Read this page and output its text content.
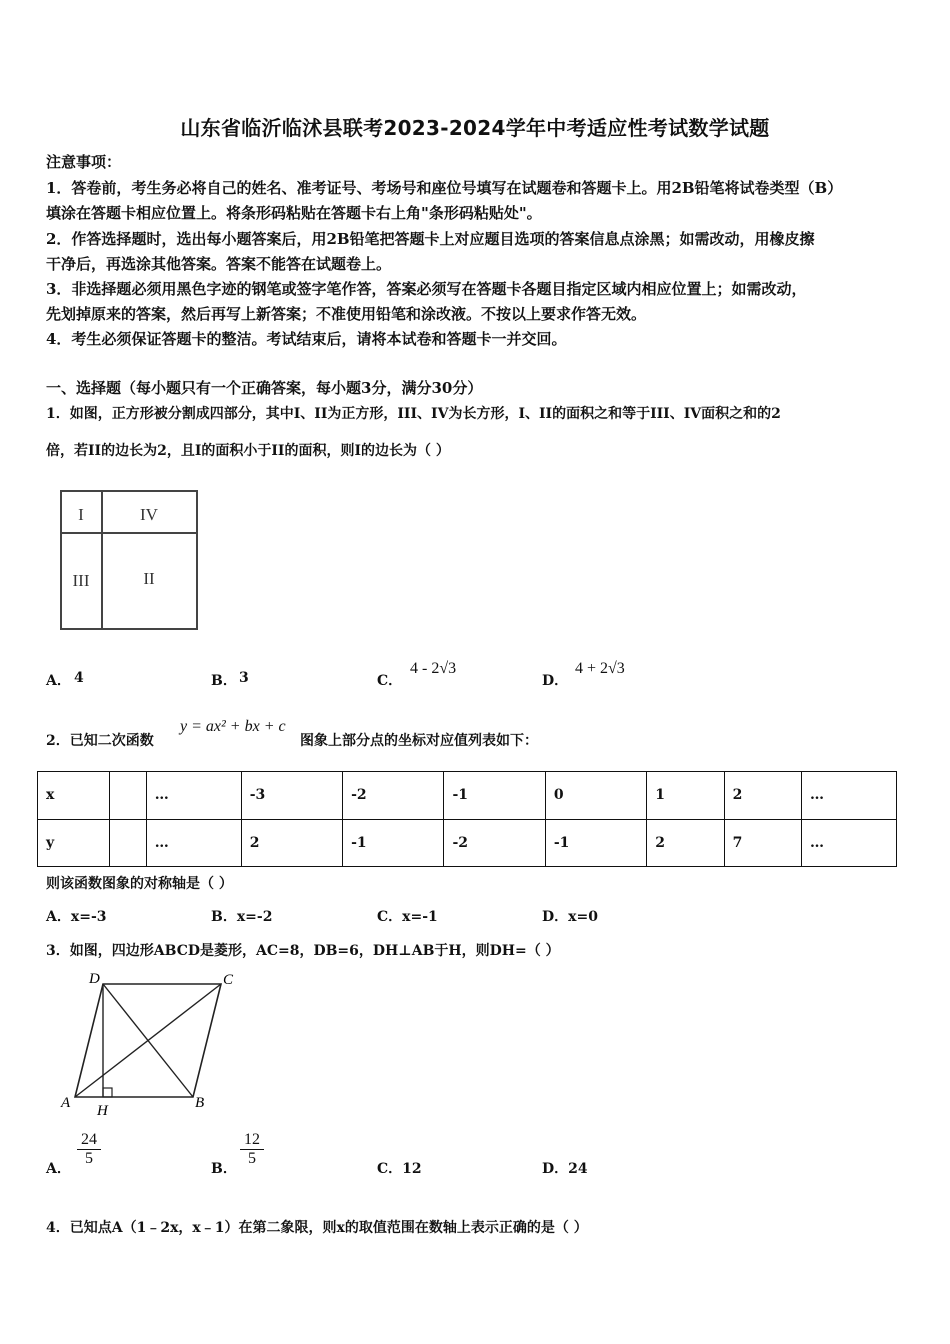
山东省临沂临沭县联考2023-2024学年中考适应性考试数学试题
注意事项：
1．答卷前，考生务必将自己的姓名、准考证号、考场号和座位号填写在试题卷和答题卡上。用2B铅笔将试卷类型（B）
填涂在答题卡相应位置上。将条形码粘贴在答题卡右上角"条形码粘贴处"。
2．作答选择题时，选出每小题答案后，用2B铅笔把答题卡上对应题目选项的答案信息点涂黑；如需改动，用橡皮擦
干净后，再选涂其他答案。答案不能答在试题卷上。
3．非选择题必须用黑色字迹的钢笔或签字笔作答，答案必须写在答题卡各题目指定区域内相应位置上；如需改动，
先划掉原来的答案，然后再写上新答案；不准使用铅笔和涂改液。不按以上要求作答无效。
4．考生必须保证答题卡的整洁。考试结束后，请将本试卷和答题卡一并交回。
一、选择题（每小题只有一个正确答案，每小题3分，满分30分）
1．如图，正方形被分割成四部分，其中I、II为正方形，III、IV为长方形，I、II的面积之和等于III、IV面积之和的2
倍，若II的边长为2，且I的面积小于II的面积，则I的边长为（ ）
I	IV
III	II
A． 4	B． 3	C．
4 - 2√3
D．
4 + 2√3
2．已知二次函数
y = ax² + bx + c
图象上部分点的坐标对应值列表如下：
x		…	-3	-2	-1	0	1	2	…
y		…	2	-1	-2	-1	2	7	…
则该函数图象的对称轴是（ ）
A．x=-3	B．x=-2	C．x=-1	D．x=0
3．如图，四边形ABCD是菱形，AC=8，DB=6，DH⊥AB于H，则DH=（ ）
D	C
A	B
H
A．
24
5
B．
12
5
C．12	D．24
4．已知点A（1﹣2x，x﹣1）在第二象限，则x的取值范围在数轴上表示正确的是（ ）
